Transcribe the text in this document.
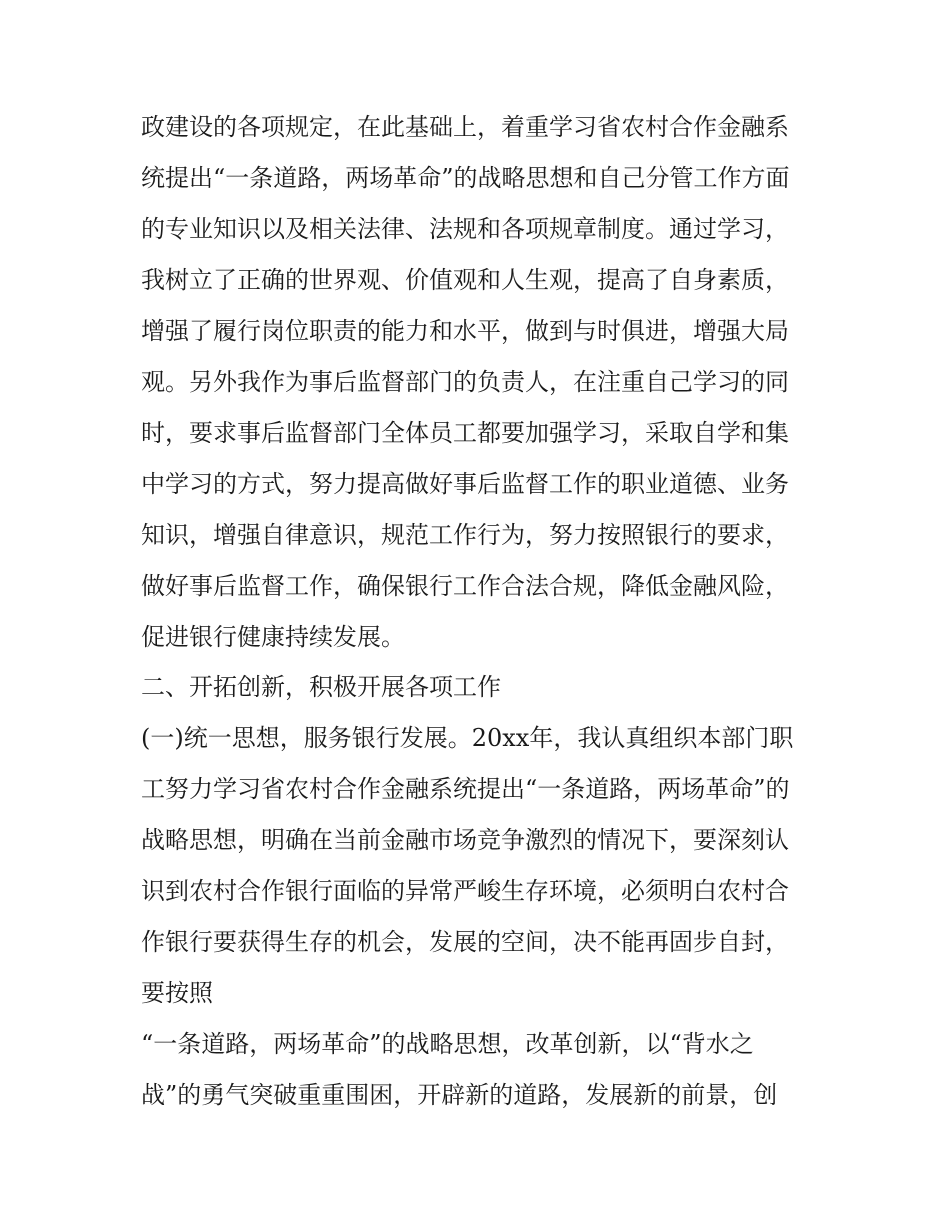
政建设的各项规定，在此基础上，着重学习省农村合作金融系
统提出“一条道路，两场革命”的战略思想和自己分管工作方面
的专业知识以及相关法律、法规和各项规章制度。通过学习，
我树立了正确的世界观、价值观和人生观，提高了自身素质，
增强了履行岗位职责的能力和水平，做到与时俱进，增强大局
观。另外我作为事后监督部门的负责人，在注重自己学习的同
时，要求事后监督部门全体员工都要加强学习，采取自学和集
中学习的方式，努力提高做好事后监督工作的职业道德、业务
知识，增强自律意识，规范工作行为，努力按照银行的要求，
做好事后监督工作，确保银行工作合法合规，降低金融风险，
促进银行健康持续发展。
二、开拓创新，积极开展各项工作
(一)统一思想，服务银行发展。20xx年，我认真组织本部门职
工努力学习省农村合作金融系统提出“一条道路，两场革命”的
战略思想，明确在当前金融市场竞争激烈的情况下，要深刻认
识到农村合作银行面临的异常严峻生存环境，必须明白农村合
作银行要获得生存的机会，发展的空间，决不能再固步自封，
要按照
“一条道路，两场革命”的战略思想，改革创新，以“背水之
战”的勇气突破重重围困，开辟新的道路，发展新的前景，创
